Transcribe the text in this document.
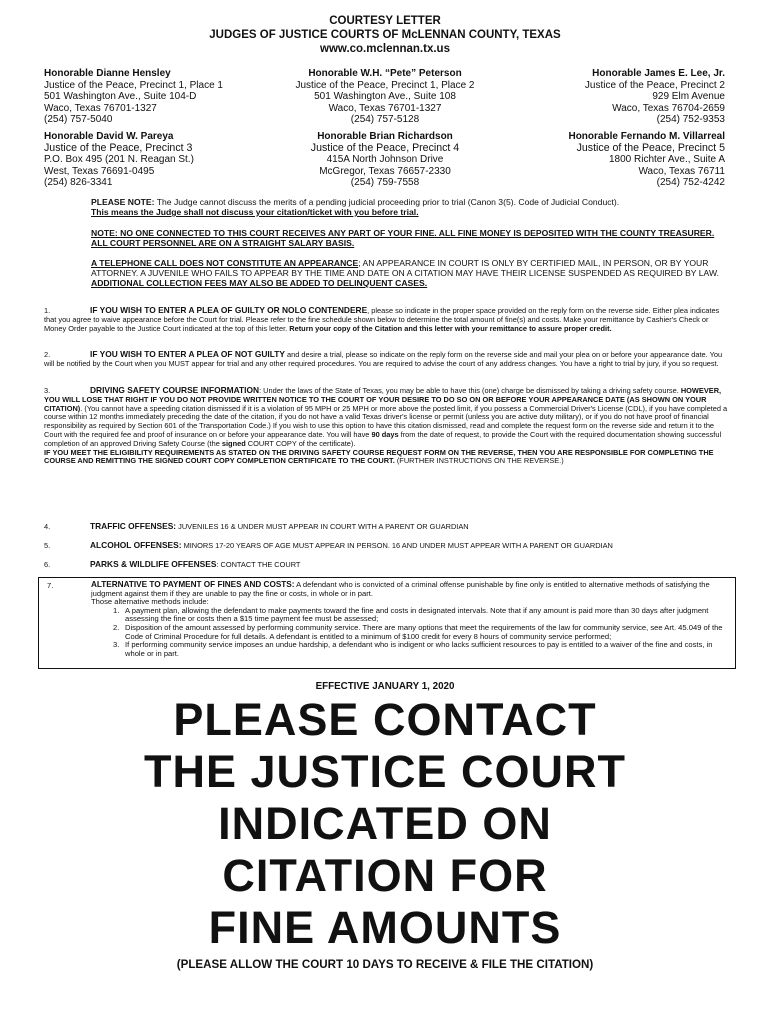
COURTESY LETTER
JUDGES OF JUSTICE COURTS OF McLENNAN COUNTY, TEXAS
www.co.mclennan.tx.us
Honorable Dianne Hensley
Justice of the Peace, Precinct 1, Place 1
501 Washington Ave., Suite 104-D
Waco, Texas 76701-1327
(254) 757-5040
Honorable W.H. “Pete” Peterson
Justice of the Peace, Precinct 1, Place 2
501 Washington Ave., Suite 108
Waco, Texas 76701-1327
(254) 757-5128
Honorable James E. Lee, Jr.
Justice of the Peace, Precinct 2
929 Elm Avenue
Waco, Texas 76704-2659
(254) 752-9353
Honorable David W. Pareya
Justice of the Peace, Precinct 3
P.O. Box 495 (201 N. Reagan St.)
West, Texas 76691-0495
(254) 826-3341
Honorable Brian Richardson
Justice of the Peace, Precinct 4
415A North Johnson Drive
McGregor, Texas 76657-2330
(254) 759-7558
Honorable Fernando M. Villarreal
Justice of the Peace, Precinct 5
1800 Richter Ave., Suite A
Waco, Texas 76711
(254) 752-4242
PLEASE NOTE: The Judge cannot discuss the merits of a pending judicial proceeding prior to trial (Canon 3(5). Code of Judicial Conduct).
This means the Judge shall not discuss your citation/ticket with you before trial.
NOTE: NO ONE CONNECTED TO THIS COURT RECEIVES ANY PART OF YOUR FINE. ALL FINE MONEY IS DEPOSITED WITH THE COUNTY TREASURER. ALL COURT PERSONNEL ARE ON A STRAIGHT SALARY BASIS.
A TELEPHONE CALL DOES NOT CONSTITUTE AN APPEARANCE; AN APPEARANCE IN COURT IS ONLY BY CERTIFIED MAIL, IN PERSON, OR BY YOUR ATTORNEY. A JUVENILE WHO FAILS TO APPEAR BY THE TIME AND DATE ON A CITATION MAY HAVE THEIR LICENSE SUSPENDED AS REQUIRED BY LAW. ADDITIONAL COLLECTION FEES MAY ALSO BE ADDED TO DELINQUENT CASES.
1.	IF YOU WISH TO ENTER A PLEA OF GUILTY OR NOLO CONTENDERE, please so indicate in the proper space provided on the reply form on the reverse side. Either plea indicates that you agree to waive appearance before the Court for trial. Please refer to the fine schedule shown below to determine the total amount of fine(s) and costs. Make your remittance by Cashier's Check or Money Order payable to the Justice Court indicated at the top of this letter. Return your copy of the Citation and this letter with your remittance to assure proper credit.
2.	IF YOU WISH TO ENTER A PLEA OF NOT GUILTY and desire a trial, please so indicate on the reply form on the reverse side and mail your plea on or before your appearance date. You will be notified by the Court when you MUST appear for trial and any other required procedures. You are required to advise the court of any address changes. You have a right to trial by jury, if you so request.
3.	DRIVING SAFETY COURSE INFORMATION: Under the laws of the State of Texas, you may be able to have this (one) charge be dismissed by taking a driving safety course. HOWEVER, YOU WILL LOSE THAT RIGHT IF YOU DO NOT PROVIDE WRITTEN NOTICE TO THE COURT OF YOUR DESIRE TO DO SO ON OR BEFORE YOUR APPEARANCE DATE (AS SHOWN ON YOUR CITATION). (You cannot have a speeding citation dismissed if it is a violation of 95 MPH or 25 MPH or more above the posted limit, if you possess a Commercial Driver's License (CDL), if you have completed a course within 12 months immediately preceding the date of the citation, if you do not have a valid Texas driver's license or permit (unless you are active duty military), or if you do not have proof of financial responsibility as required by Section 601 of the Transportation Code.) If you wish to use this option to have this citation dismissed, read and complete the request form on the reverse side and return it to the Court with the required fee and proof of insurance on or before your appearance date. You will have 90 days from the date of request, to provide the Court with the required documentation showing successful completion of an approved Driving Safety Course (the signed COURT COPY of the certificate).
IF YOU MEET THE ELIGIBILITY REQUIREMENTS AS STATED ON THE DRIVING SAFETY COURSE REQUEST FORM ON THE REVERSE, THEN YOU ARE RESPONSIBLE FOR COMPLETING THE COURSE AND REMITTING THE SIGNED COURT COPY COMPLETION CERTIFICATE TO THE COURT. (FURTHER INSTRUCTIONS ON THE REVERSE.)
4.	TRAFFIC OFFENSES: JUVENILES 16 & UNDER MUST APPEAR IN COURT WITH A PARENT OR GUARDIAN
5.	ALCOHOL OFFENSES: MINORS 17-20 YEARS OF AGE MUST APPEAR IN PERSON. 16 AND UNDER MUST APPEAR WITH A PARENT OR GUARDIAN
6.	PARKS & WILDLIFE OFFENSES: CONTACT THE COURT
7.	ALTERNATIVE TO PAYMENT OF FINES AND COSTS: A defendant who is convicted of a criminal offense punishable by fine only is entitled to alternative methods of satisfying the judgment against them if they are unable to pay the fine or costs, in whole or in part.
Those alternative methods include:
1. A payment plan, allowing the defendant to make payments toward the fine and costs in designated intervals. Note that if any amount is paid more than 30 days after judgment assessing the fine or costs then a $15 time payment fee must be assessed;
2. Disposition of the amount assessed by performing community service. There are many options that meet the requirements of the law for community service, see Art. 45.049 of the Code of Criminal Procedure for full details. A defendant is entitled to a minimum of $100 credit for every 8 hours of community service performed;
3. If performing community service imposes an undue hardship, a defendant who is indigent or who lacks sufficient resources to pay is entitled to a waiver of the fine and costs, in whole or in part.
EFFECTIVE JANUARY 1, 2020
PLEASE CONTACT
THE JUSTICE COURT
INDICATED ON
CITATION FOR
FINE AMOUNTS
(PLEASE ALLOW THE COURT 10 DAYS TO RECEIVE & FILE THE CITATION)
